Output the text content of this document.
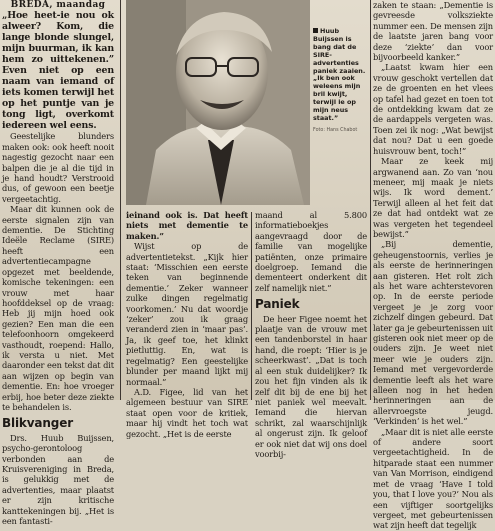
BREDA, maandag

„Hoe heet-ie nou ok alweer? Kom, die lange blonde slungel, mijn buurman, ik kan hem zo uittekenen.” Even niet op een naam van iemand of iets komen terwijl het op het puntje van je tong ligt, overkomt iedereen wel eens.

Geestelijke blunders maken ook: ook heeft nooit nagestig gezocht naar een balpen die je al die tijd in je hand houdt? Verstrooid dus, of gewoon een beetje vergeetachtig.

Maar dit kunnen ook de eerste signalen zijn van dementie. De Stichting Ideële Reclame (SIRE) heeft een advertentiecampagne opgezet met beeldende, komische tekeningen: een vrouw met haar hoofddeksel op de vraag: Heb jij mijn hoed ook gezien? Een man die een telefoonhoorn omgekeerd vasthoudt, roepend: Hallo, ik versta u niet. Met daaronder een tekst dat dit aan wijzen op begin van dementie. En: hoe vroeger erbij, hoe beter deze ziekte te behandelen is.

Blikvanger

Drs. Huub Buijssen, psycho-gerontoloog verbonden aan de Kruisvereniging in Breda, is gelukkig met de advertenties, maar plaatst er zijn kritische kanttekeningen bij. „Het is een fantasti-

Huub Buijssen is bang dat de SIRE-advertenties paniek zaaien. „Ik ben ook weleens mijn bril kwijt, terwijl ie op mijn neus staat.”
Foto: Hans Chabot

ieinand ook is. Dat heeft niets met dementie te maken.”

Wijst op de advertentietekst. „Kijk hier staat: ‘Misschien een eerste teken van beginnende dementie.’ Zeker wanneer zulke dingen regelmatig voorkomen.’ Nu dat woordje ‘zeker’ zou ik graag veranderd zien in ‘maar pas’. Ja, ik geef toe, het klinkt pietluttig. En, wat is regelmatig? Een geestelijke blunder per maand lijkt mij normaal.”

A.D. Figee, lid van het algemeen bestuur van SIRE staat open voor de kritiek, maar hij vindt het toch wat gezocht. „Het is de eerste

maand al 5.800 informatieboekjes aangevraagd door de familie van mogelijke patiënten, onze primaire doelgroep. Iemand die dementeert onderkent dit zelf namelijk niet.”

Paniek

De heer Figee noemt het plaatje van de vrouw met een tandenborstel in haar hand, die roept: ‘Hier is je scheerkwast’. „Dat is toch al een stuk duidelijker? Ik zou het fijn vinden als ik zelf dit bij de ene bij het niet paniek wel meevalt. Iemand die hiervan schrikt, zal waarschijnlijk al ongerust zijn. Ik geloof er ook niet dat wij ons doel voorbij-

zaken te staan: „Dementie is gevreesde volksziekte nummer een. De mensen zijn de laatste jaren bang voor deze ‘ziekte’ dan voor bijvoorbeeld kanker.”

„Laatst kwam hier een vrouw geschokt vertellen dat ze de groenten en het vlees op tafel had gezet en toen tot de ontdekking kwam dat ze de aardappels vergeten was. Toen zei ik nog: „Wat bewijst dat nou? Dat u een goede huisvrouw bent, toch!”

Maar ze keek mij argwanend aan. Zo van ‘nou meneer, mij maak je niets wijs. Ik word dement.’ Terwijl alleen al het feit dat ze dat had ontdekt wat ze was vergeten het tegendeel bewijst.”

„Bij dementie, geheugenstoornis, verlies je als eerste de herinneringen aan gisteren. Het rolt zich als het ware achterstevoren op. In de eerste periode vergeet je je zorg voor zichzelf dingen gebeurd. Dat later ga je gebeurtenissen uit gisteren ook niet meer op de ouders zijn. Je weet niet meer wie je ouders zijn. Iemand met vergevorderde dementie leeft als het ware alleen nog in het heden herinneringen aan de allervroegste jeugd. ‘Verkinden’ is het wel.”

„Maar dit is niet alle eerste of andere soort vergeetachtigheid. In de hitparade staat een nummer van Van Morrison, eindigend met de vraag ‘Have I told you, that I love you?’ Nou als een vijftiger soortgelijks vergeet, met gebeurtenissen wat zijn heeft dat tegelijk
